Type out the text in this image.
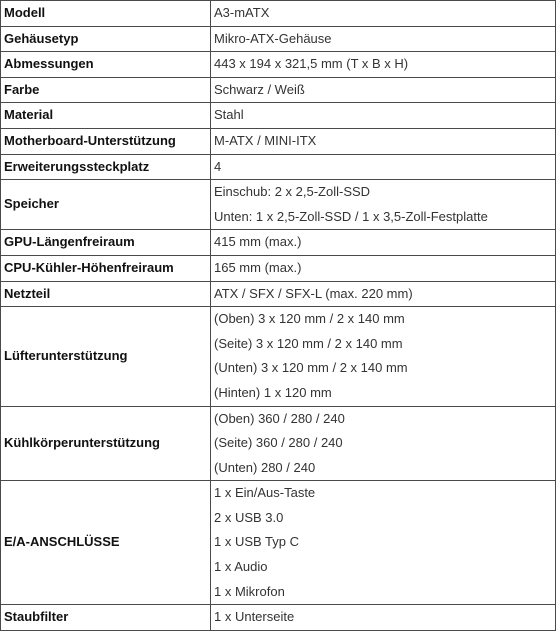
Modell	A3-mATX
Gehäusetyp	Mikro-ATX-Gehäuse
Abmessungen	443 x 194 x 321,5 mm (T x B x H)
Farbe	Schwarz / Weiß
Material	Stahl
Motherboard-Unterstützung	M-ATX / MINI-ITX
Erweiterungssteckplatz	4
Speicher	Einschub: 2 x 2,5-Zoll-SSD
Unten: 1 x 2,5-Zoll-SSD / 1 x 3,5-Zoll-Festplatte

GPU-Längenfreiraum	415 mm (max.)
CPU-Kühler-Höhenfreiraum	165 mm (max.)
Netzteil	ATX / SFX / SFX-L (max. 220 mm)
Lüfterunterstützung	(Oben) 3 x 120 mm / 2 x 140 mm
(Seite) 3 x 120 mm / 2 x 140 mm
(Unten) 3 x 120 mm / 2 x 140 mm
(Hinten) 1 x 120 mm

Kühlkörperunterstützung	(Oben) 360 / 280 / 240
(Seite) 360 / 280 / 240
(Unten) 280 / 240

E/A-ANSCHLÜSSE	1 x Ein/Aus-Taste
2 x USB 3.0
1 x USB Typ C
1 x Audio
1 x Mikrofon

Staubfilter	1 x Unterseite
